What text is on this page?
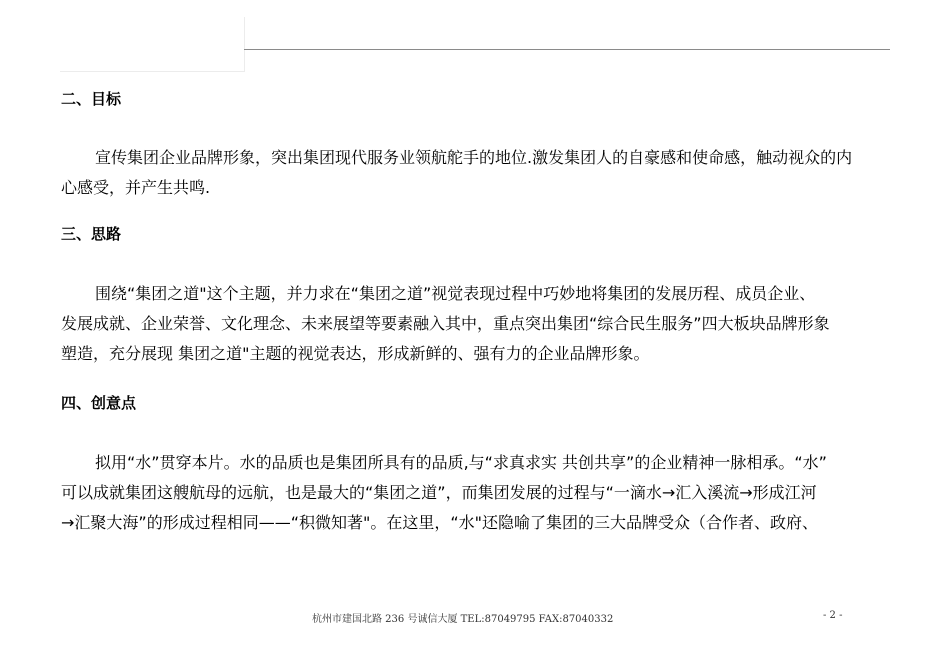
二、目标
宣传集团企业品牌形象，突出集团现代服务业领航舵手的地位.激发集团人的自豪感和使命感，触动视众的内
心感受，并产生共鸣.
三、思路
围绕“集团之道"这个主题，并力求在“集团之道”视觉表现过程中巧妙地将集团的发展历程、成员企业、
发展成就、企业荣誉、文化理念、未来展望等要素融入其中，重点突出集团“综合民生服务”四大板块品牌形象
塑造，充分展现 集团之道"主题的视觉表达，形成新鲜的、强有力的企业品牌形象。
四、创意点
拟用“水”贯穿本片。水的品质也是集团所具有的品质,与“求真求实 共创共享”的企业精神一脉相承。“水”
可以成就集团这艘航母的远航，也是最大的“集团之道”，而集团发展的过程与“一滴水→汇入溪流→形成江河
→汇聚大海”的形成过程相同——“积微知著"。在这里，“水"还隐喻了集团的三大品牌受众（合作者、政府、
杭州市建国北路 236 号诚信大厦 TEL:87049795 FAX:87040332	- 2 -
